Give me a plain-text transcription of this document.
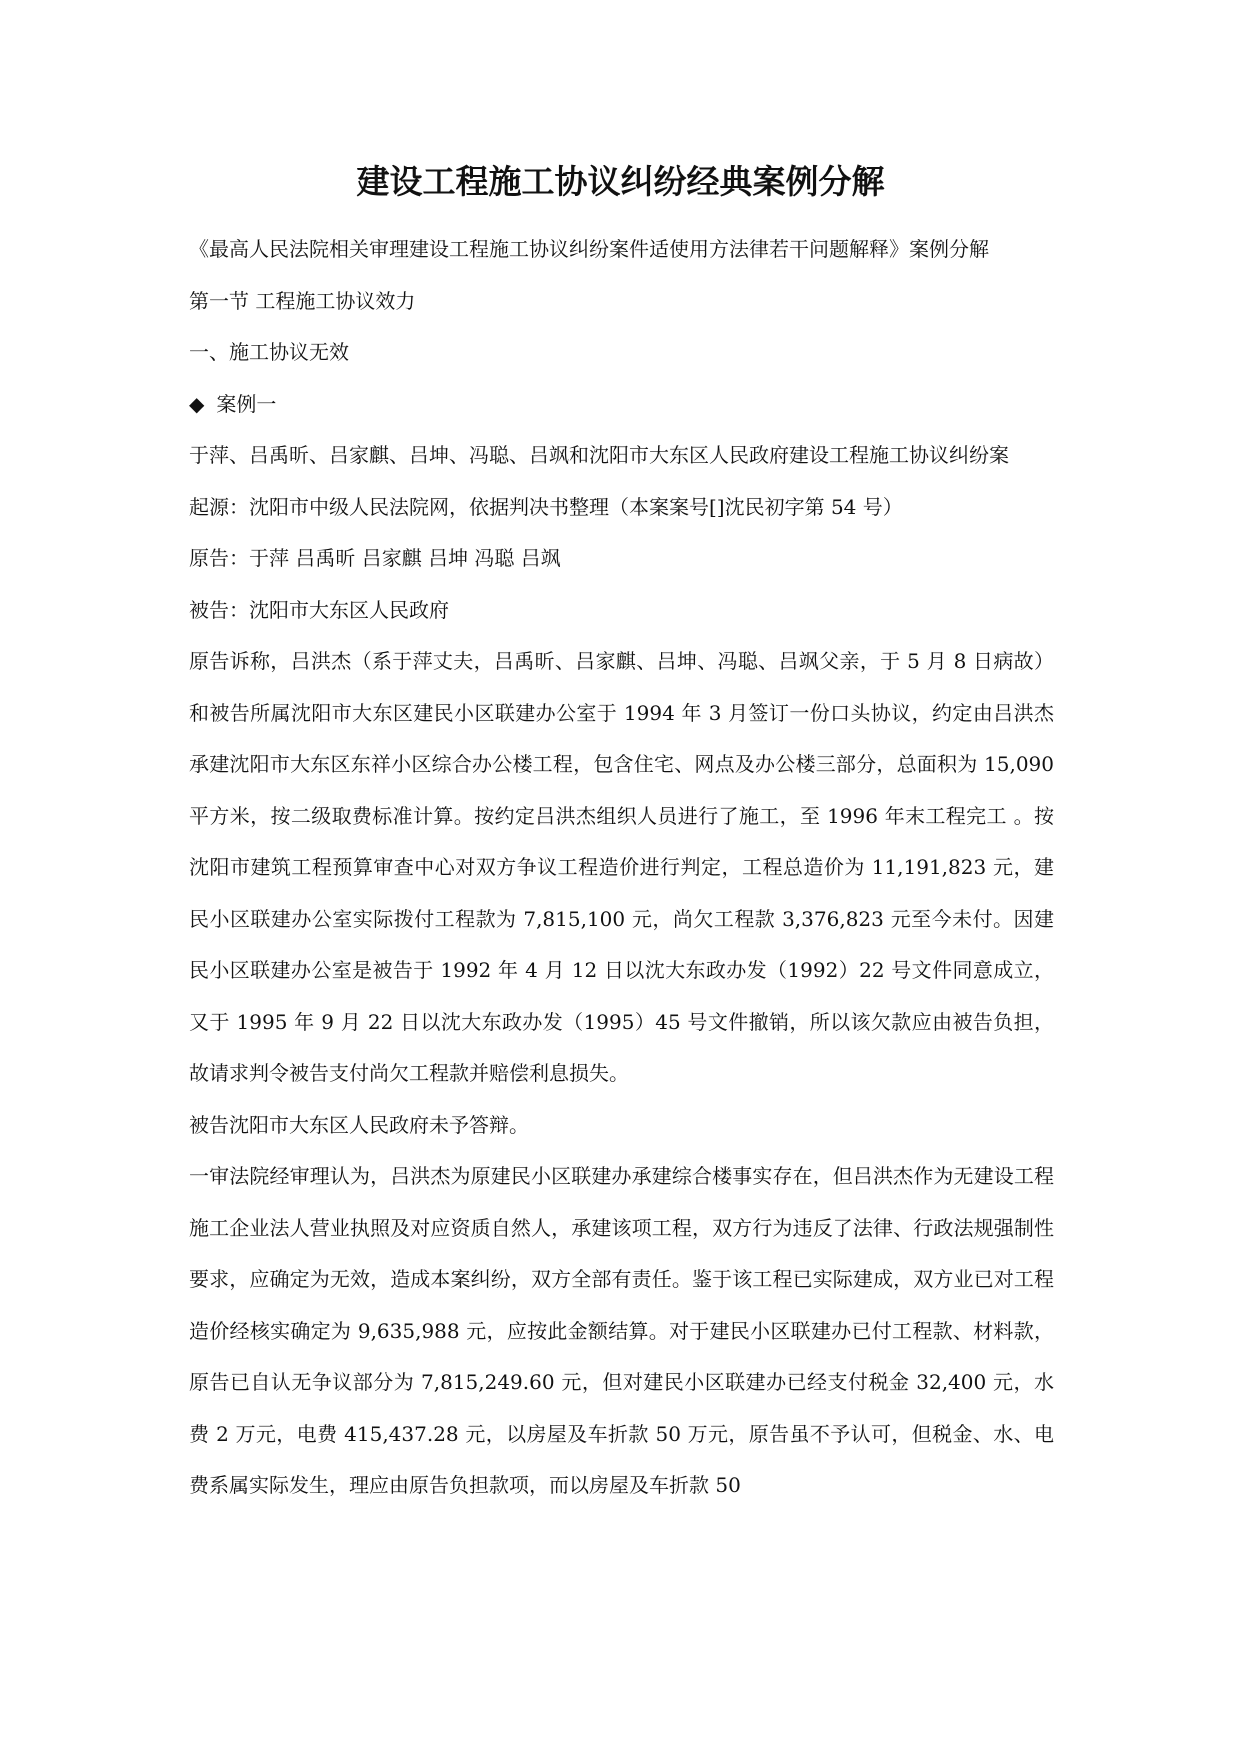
建设工程施工协议纠纷经典案例分解

《最高人民法院相关审理建设工程施工协议纠纷案件适使用方法律若干问题解释》案例分解

第一节 工程施工协议效力

一、施工协议无效

◆ 案例一

于萍、吕禹昕、吕家麒、吕坤、冯聪、吕飒和沈阳市大东区人民政府建设工程施工协议纠纷案

起源：沈阳市中级人民法院网，依据判决书整理（本案案号[]沈民初字第 54 号）

原告：于萍 吕禹昕 吕家麒 吕坤 冯聪 吕飒

被告：沈阳市大东区人民政府

原告诉称，吕洪杰（系于萍丈夫，吕禹昕、吕家麒、吕坤、冯聪、吕飒父亲，于 5 月 8 日病故）和被告所属沈阳市大东区建民小区联建办公室于 1994 年 3 月签订一份口头协议，约定由吕洪杰承建沈阳市大东区东祥小区综合办公楼工程，包含住宅、网点及办公楼三部分，总面积为 15,090 平方米，按二级取费标准计算。按约定吕洪杰组织人员进行了施工，至 1996 年末工程完工 。按沈阳市建筑工程预算审查中心对双方争议工程造价进行判定，工程总造价为 11,191,823 元，建民小区联建办公室实际拨付工程款为 7,815,100 元，尚欠工程款 3,376,823 元至今未付。因建民小区联建办公室是被告于 1992 年 4 月 12 日以沈大东政办发（1992）22 号文件同意成立，又于 1995 年 9 月 22 日以沈大东政办发（1995）45 号文件撤销，所以该欠款应由被告负担，故请求判令被告支付尚欠工程款并赔偿利息损失。

被告沈阳市大东区人民政府未予答辩。

一审法院经审理认为，吕洪杰为原建民小区联建办承建综合楼事实存在，但吕洪杰作为无建设工程施工企业法人营业执照及对应资质自然人，承建该项工程，双方行为违反了法律、行政法规强制性要求，应确定为无效，造成本案纠纷，双方全部有责任。鉴于该工程已实际建成，双方业已对工程造价经核实确定为 9,635,988 元，应按此金额结算。对于建民小区联建办已付工程款、材料款，原告已自认无争议部分为 7,815,249.60 元，但对建民小区联建办已经支付税金 32,400 元，水费 2 万元，电费 415,437.28 元，以房屋及车折款 50 万元，原告虽不予认可，但税金、水、电费系属实际发生，理应由原告负担款项，而以房屋及车折款 50
